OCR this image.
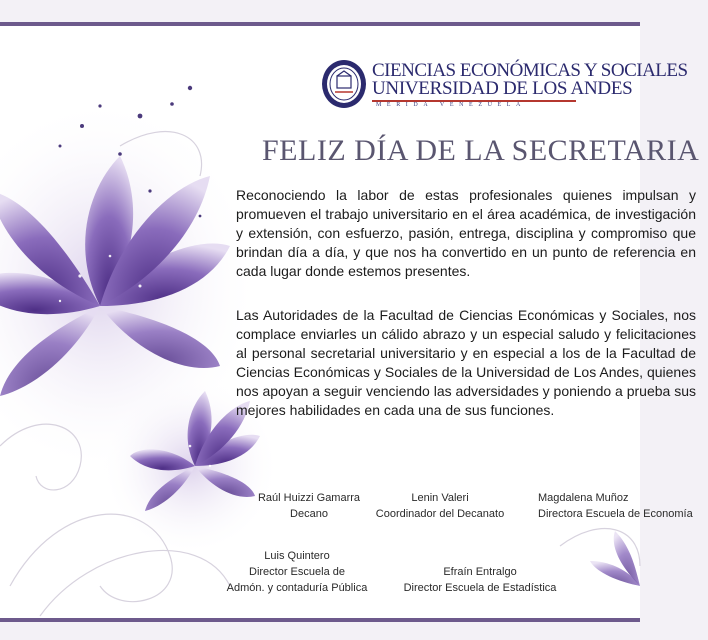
CIENCIAS ECONÓMICAS Y SOCIALES
UNIVERSIDAD DE LOS ANDES
MÉRIDA VENEZUELA
FELIZ DÍA DE LA SECRETARIA

Reconociendo la labor de estas profesionales quienes impulsan y promueven el trabajo universitario en el área académica, de investigación y extensión, con esfuerzo, pasión, entrega, disciplina y compromiso que brindan día a día, y que nos ha convertido en un punto de referencia en cada lugar donde estemos presentes.

Las Autoridades de la Facultad de Ciencias Económicas y Sociales, nos complace enviarles un cálido abrazo y un especial saludo y felicitaciones al personal secretarial universitario y en especial a los de la Facultad de Ciencias Económicas y Sociales de la Universidad de Los Andes, quienes nos apoyan a seguir venciendo las adversidades y poniendo a prueba sus mejores habilidades en cada una de sus funciones.

Raúl Huizzi Gamarra
Decano
Lenin Valeri
Coordinador del Decanato
Magdalena Muñoz
Directora Escuela de Economía
Luis Quintero
Director Escuela de
Admón. y contaduría Pública
Efraín Entralgo
Director Escuela de Estadística
